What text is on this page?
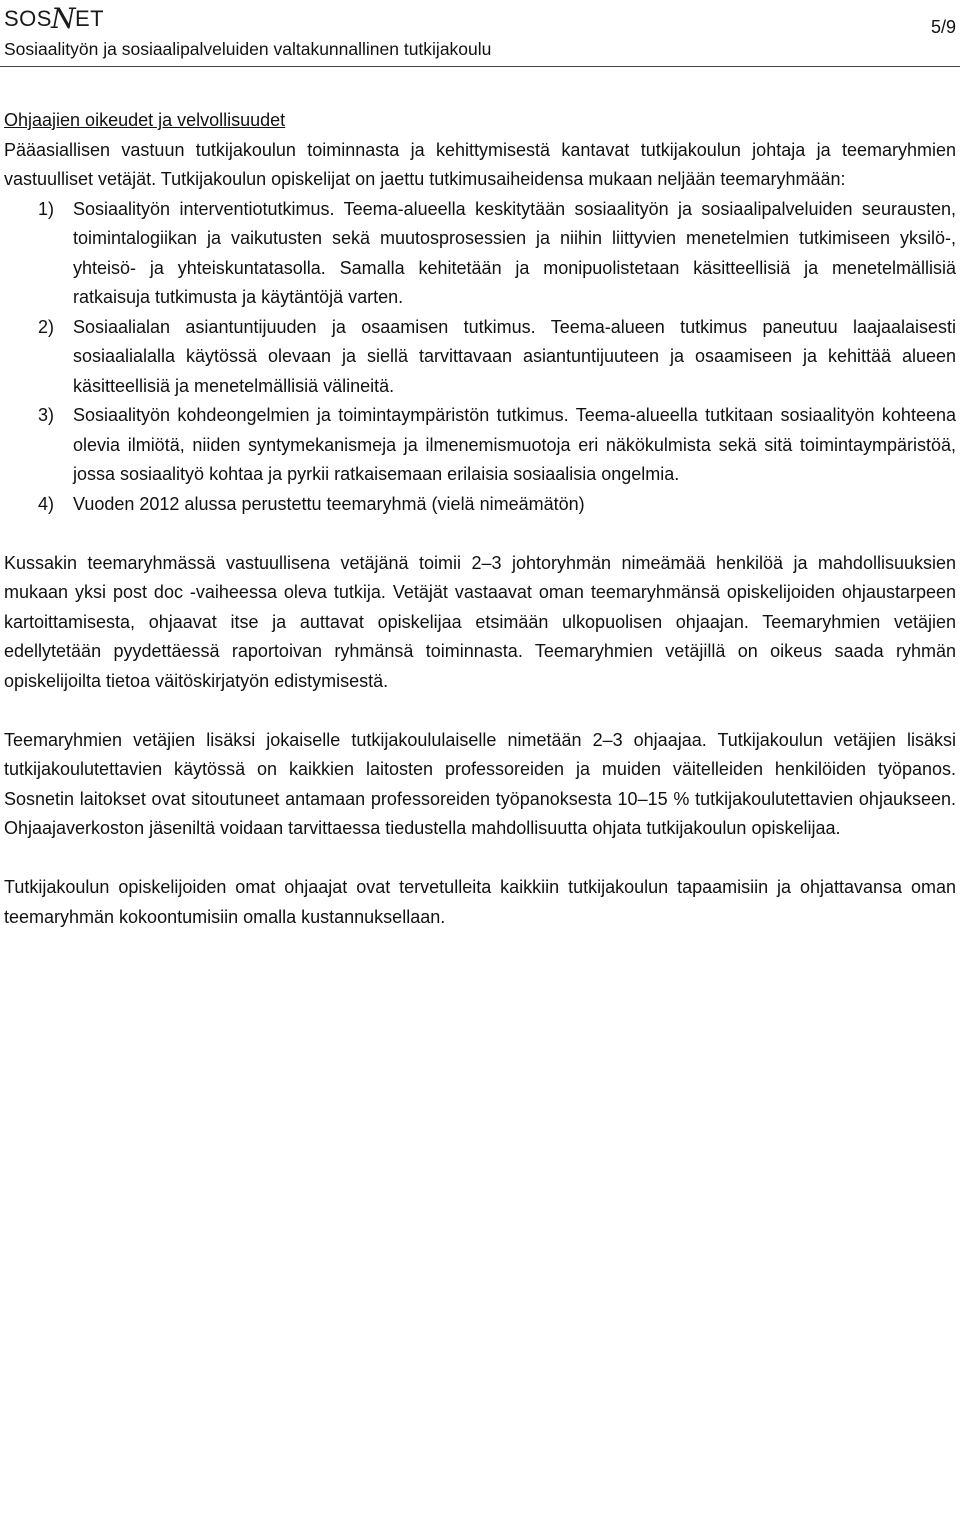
SOSNET
Sosiaalityön ja sosiaalipalveluiden valtakunnallinen tutkijakoulu
5/9

Ohjaajien oikeudet ja velvollisuudet

Pääasiallisen vastuun tutkijakoulun toiminnasta ja kehittymisestä kantavat tutkijakoulun johtaja ja teemaryhmien vastuulliset vetäjät. Tutkijakoulun opiskelijat on jaettu tutkimusaiheidensa mukaan neljään teemaryhmään:

1) Sosiaalityön interventiotutkimus. Teema-alueella keskitytään sosiaalityön ja sosiaalipalveluiden seurausten, toimintalogiikan ja vaikutusten sekä muutosprosessien ja niihin liittyvien menetelmien tutkimiseen yksilö-, yhteisö- ja yhteiskuntatasolla. Samalla kehitetään ja monipuolistetaan käsitteellisiä ja menetelmällisiä ratkaisuja tutkimusta ja käytäntöjä varten.
2) Sosiaalialan asiantuntijuuden ja osaamisen tutkimus. Teema-alueen tutkimus paneutuu laajaalaisesti sosiaalialalla käytössä olevaan ja siellä tarvittavaan asiantuntijuuteen ja osaamiseen ja kehittää alueen käsitteellisiä ja menetelmällisiä välineitä.
3) Sosiaalityön kohdeongelmien ja toimintaympäristön tutkimus. Teema-alueella tutkitaan sosiaalityön kohteena olevia ilmiötä, niiden syntymekanismeja ja ilmenemismuotoja eri näkökulmista sekä sitä toimintaympäristöä, jossa sosiaalityö kohtaa ja pyrkii ratkaisemaan erilaisia sosiaalisia ongelmia.
4) Vuoden 2012 alussa perustettu teemaryhmä (vielä nimeämätön)

Kussakin teemaryhmässä vastuullisena vetäjänä toimii 2–3 johtoryhmän nimeämää henkilöä ja mahdollisuuksien mukaan yksi post doc -vaiheessa oleva tutkija. Vetäjät vastaavat oman teemaryhmänsä opiskelijoiden ohjaustarpeen kartoittamisesta, ohjaavat itse ja auttavat opiskelijaa etsimään ulkopuolisen ohjaajan. Teemaryhmien vetäjien edellytetään pyydettäessä raportoivan ryhmänsä toiminnasta. Teemaryhmien vetäjillä on oikeus saada ryhmän opiskelijoilta tietoa väitöskirjatyön edistymisestä.

Teemaryhmien vetäjien lisäksi jokaiselle tutkijakoululaiselle nimetään 2–3 ohjaajaa. Tutkijakoulun vetäjien lisäksi tutkijakoulutettavien käytössä on kaikkien laitosten professoreiden ja muiden väitelleiden henkilöiden työpanos. Sosnetin laitokset ovat sitoutuneet antamaan professoreiden työpanoksesta 10–15 % tutkijakoulutettavien ohjaukseen. Ohjaajaverkoston jäseniltä voidaan tarvittaessa tiedustella mahdollisuutta ohjata tutkijakoulun opiskelijaa.

Tutkijakoulun opiskelijoiden omat ohjaajat ovat tervetulleita kaikkiin tutkijakoulun tapaamisiin ja ohjattavansa oman teemaryhmän kokoontumisiin omalla kustannuksellaan.
